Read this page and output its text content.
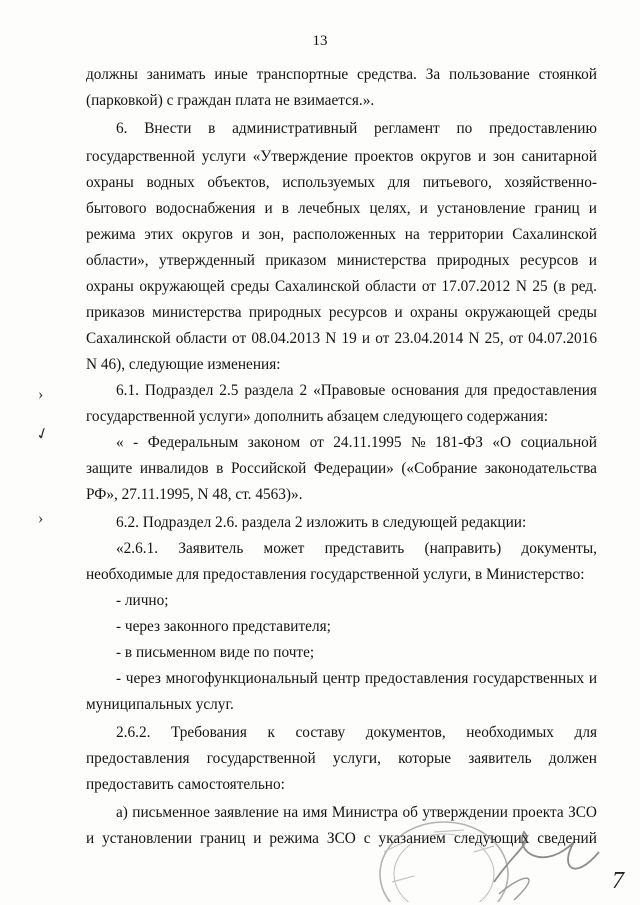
13
должны занимать иные транспортные средства. За пользование стоянкой
(парковкой) с граждан плата не взимается.».
6. Внести в административный регламент по предоставлению
государственной услуги «Утверждение проектов округов и зон санитарной
охраны водных объектов, используемых для питьевого, хозяйственно-
бытового водоснабжения и в лечебных целях, и установление границ и
режима этих округов и зон, расположенных на территории Сахалинской
области», утвержденный приказом министерства природных ресурсов и
охраны окружающей среды Сахалинской области от 17.07.2012 N 25 (в ред.
приказов министерства природных ресурсов и охраны окружающей среды
Сахалинской области от 08.04.2013 N 19 и от 23.04.2014 N 25, от 04.07.2016
N 46), следующие изменения:
6.1. Подраздел 2.5 раздела 2 «Правовые основания для предоставления
государственной услуги» дополнить абзацем следующего содержания:
« - Федеральным законом от 24.11.1995 № 181-ФЗ «О социальной
защите инвалидов в Российской Федерации» («Собрание законодательства
РФ», 27.11.1995, N 48, ст. 4563)».
6.2. Подраздел 2.6. раздела 2 изложить в следующей редакции:
«2.6.1. Заявитель может представить (направить) документы,
необходимые для предоставления государственной услуги, в Министерство:
- лично;
- через законного представителя;
- в письменном виде по почте;
- через многофункциональный центр предоставления государственных и
муниципальных услуг.
2.6.2. Требования к составу документов, необходимых для
предоставления государственной услуги, которые заявитель должен
предоставить самостоятельно:
а) письменное заявление на имя Министра об утверждении проекта ЗСО
и установлении границ и режима ЗСО с указанием следующих сведений
›
✓
›
7
